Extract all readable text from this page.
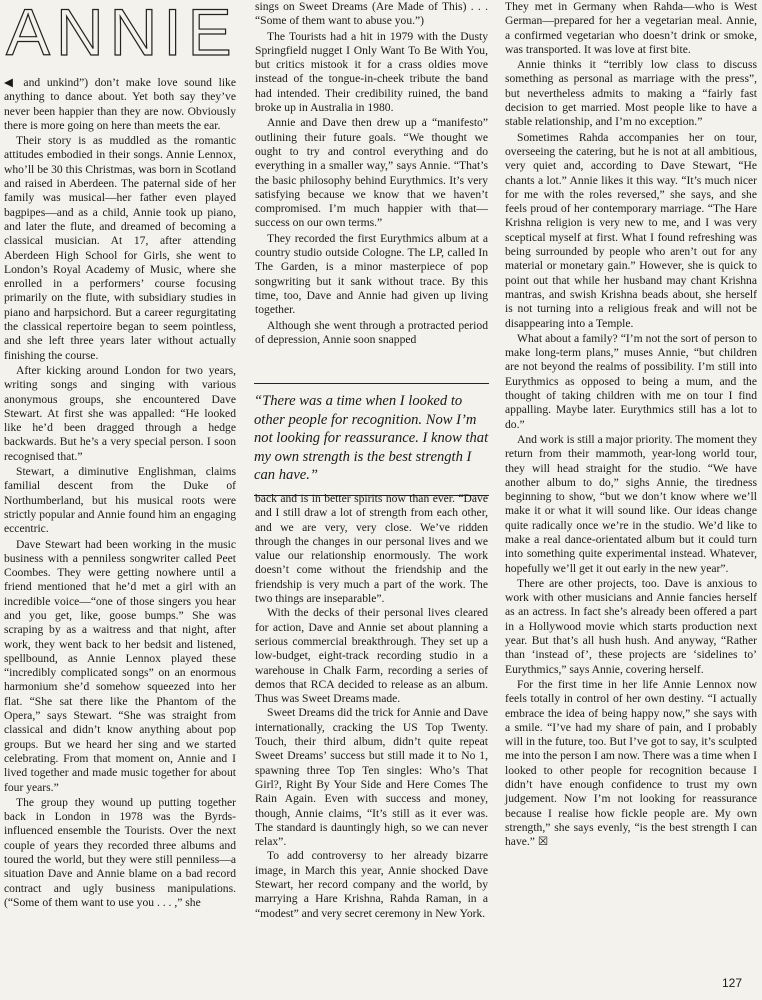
ANNIE

◀ and unkind”) don’t make love sound like anything to dance about. Yet both say they’ve never been happier than they are now. Obviously there is more going on here than meets the ear.

Their story is as muddled as the romantic attitudes embodied in their songs. Annie Lennox, who’ll be 30 this Christmas, was born in Scotland and raised in Aberdeen. The paternal side of her family was musical—her father even played bagpipes—and as a child, Annie took up piano, and later the flute, and dreamed of becoming a classical musician. At 17, after attending Aberdeen High School for Girls, she went to London’s Royal Academy of Music, where she enrolled in a performers’ course focusing primarily on the flute, with subsidiary studies in piano and harpsichord. But a career regurgitating the classical repertoire began to seem pointless, and she left three years later without actually finishing the course.

After kicking around London for two years, writing songs and singing with various anonymous groups, she encountered Dave Stewart. At first she was appalled: “He looked like he’d been dragged through a hedge backwards. But he’s a very special person. I soon recognised that.”

Stewart, a diminutive Englishman, claims familial descent from the Duke of Northumberland, but his musical roots were strictly popular and Annie found him an engaging eccentric.

Dave Stewart had been working in the music business with a penniless songwriter called Peet Coombes. They were getting nowhere until a friend mentioned that he’d met a girl with an incredible voice—“one of those singers you hear and you get, like, goose bumps.” She was scraping by as a waitress and that night, after work, they went back to her bedsit and listened, spellbound, as Annie Lennox played these “incredibly complicated songs” on an enormous harmonium she’d somehow squeezed into her flat. “She sat there like the Phantom of the Opera,” says Stewart. “She was straight from classical and didn’t know anything about pop groups. But we heard her sing and we started celebrating. From that moment on, Annie and I lived together and made music together for about four years.”

The group they wound up putting together back in London in 1978 was the Byrds-influenced ensemble the Tourists. Over the next couple of years they recorded three albums and toured the world, but they were still penniless—a situation Dave and Annie blame on a bad record contract and ugly business manipulations. (“Some of them want to use you . . . ,” she

sings on Sweet Dreams (Are Made of This) . . . “Some of them want to abuse you.”)

The Tourists had a hit in 1979 with the Dusty Springfield nugget I Only Want To Be With You, but critics mistook it for a crass oldies move instead of the tongue-in-cheek tribute the band had intended. Their credibility ruined, the band broke up in Australia in 1980.

Annie and Dave then drew up a “manifesto” outlining their future goals. “We thought we ought to try and control everything and do everything in a smaller way,” says Annie. “That’s the basic philosophy behind Eurythmics. It’s very satisfying because we know that we haven’t compromised. I’m much happier with that—success on our own terms.”

They recorded the first Eurythmics album at a country studio outside Cologne. The LP, called In The Garden, is a minor masterpiece of pop songwriting but it sank without trace. By this time, too, Dave and Annie had given up living together.

Although she went through a protracted period of depression, Annie soon snapped

“There was a time when I looked to other people for recognition. Now I’m not looking for reassurance. I know that my own strength is the best strength I can have.”

back and is in better spirits now than ever. “Dave and I still draw a lot of strength from each other, and we are very, very close. We’ve ridden through the changes in our personal lives and we value our relationship enormously. The work doesn’t come without the friendship and the friendship is very much a part of the work. The two things are inseparable”.

With the decks of their personal lives cleared for action, Dave and Annie set about planning a serious commercial breakthrough. They set up a low-budget, eight-track recording studio in a warehouse in Chalk Farm, recording a series of demos that RCA decided to release as an album. Thus was Sweet Dreams made.

Sweet Dreams did the trick for Annie and Dave internationally, cracking the US Top Twenty. Touch, their third album, didn’t quite repeat Sweet Dreams’ success but still made it to No 1, spawning three Top Ten singles: Who’s That Girl?, Right By Your Side and Here Comes The Rain Again. Even with success and money, though, Annie claims, “It’s still as it ever was. The standard is dauntingly high, so we can never relax”.

To add controversy to her already bizarre image, in March this year, Annie shocked Dave Stewart, her record company and the world, by marrying a Hare Krishna, Rahda Raman, in a “modest” and very secret ceremony in New York.

They met in Germany when Rahda—who is West German—prepared for her a vegetarian meal. Annie, a confirmed vegetarian who doesn’t drink or smoke, was transported. It was love at first bite.

Annie thinks it “terribly low class to discuss something as personal as marriage with the press”, but nevertheless admits to making a “fairly fast decision to get married. Most people like to have a stable relationship, and I’m no exception.”

Sometimes Rahda accompanies her on tour, overseeing the catering, but he is not at all ambitious, very quiet and, according to Dave Stewart, “He chants a lot.” Annie likes it this way. “It’s much nicer for me with the roles reversed,” she says, and she feels proud of her contemporary marriage. “The Hare Krishna religion is very new to me, and I was very sceptical myself at first. What I found refreshing was being surrounded by people who aren’t out for any material or monetary gain.” However, she is quick to point out that while her husband may chant Krishna mantras, and swish Krishna beads about, she herself is not turning into a religious freak and will not be disappearing into a Temple.

What about a family? “I’m not the sort of person to make long-term plans,” muses Annie, “but children are not beyond the realms of possibility. I’m still into Eurythmics as opposed to being a mum, and the thought of taking children with me on tour I find appalling. Maybe later. Eurythmics still has a lot to do.”

And work is still a major priority. The moment they return from their mammoth, year-long world tour, they will head straight for the studio. “We have another album to do,” sighs Annie, the tiredness beginning to show, “but we don’t know where we’ll make it or what it will sound like. Our ideas change quite radically once we’re in the studio. We’d like to make a real dance-orientated album but it could turn into something quite experimental instead. Whatever, hopefully we’ll get it out early in the new year”.

There are other projects, too. Dave is anxious to work with other musicians and Annie fancies herself as an actress. In fact she’s already been offered a part in a Hollywood movie which starts production next year. But that’s all hush hush. And anyway, “Rather than ‘instead of’, these projects are ‘sidelines to’ Eurythmics,” says Annie, covering herself.

For the first time in her life Annie Lennox now feels totally in control of her own destiny. “I actually embrace the idea of being happy now,” she says with a smile. “I’ve had my share of pain, and I probably will in the future, too. But I’ve got to say, it’s sculpted me into the person I am now. There was a time when I looked to other people for recognition because I didn’t have enough confidence to trust my own judgement. Now I’m not looking for reassurance because I realise how fickle people are. My own strength,” she says evenly, “is the best strength I can have.” ☒

127
